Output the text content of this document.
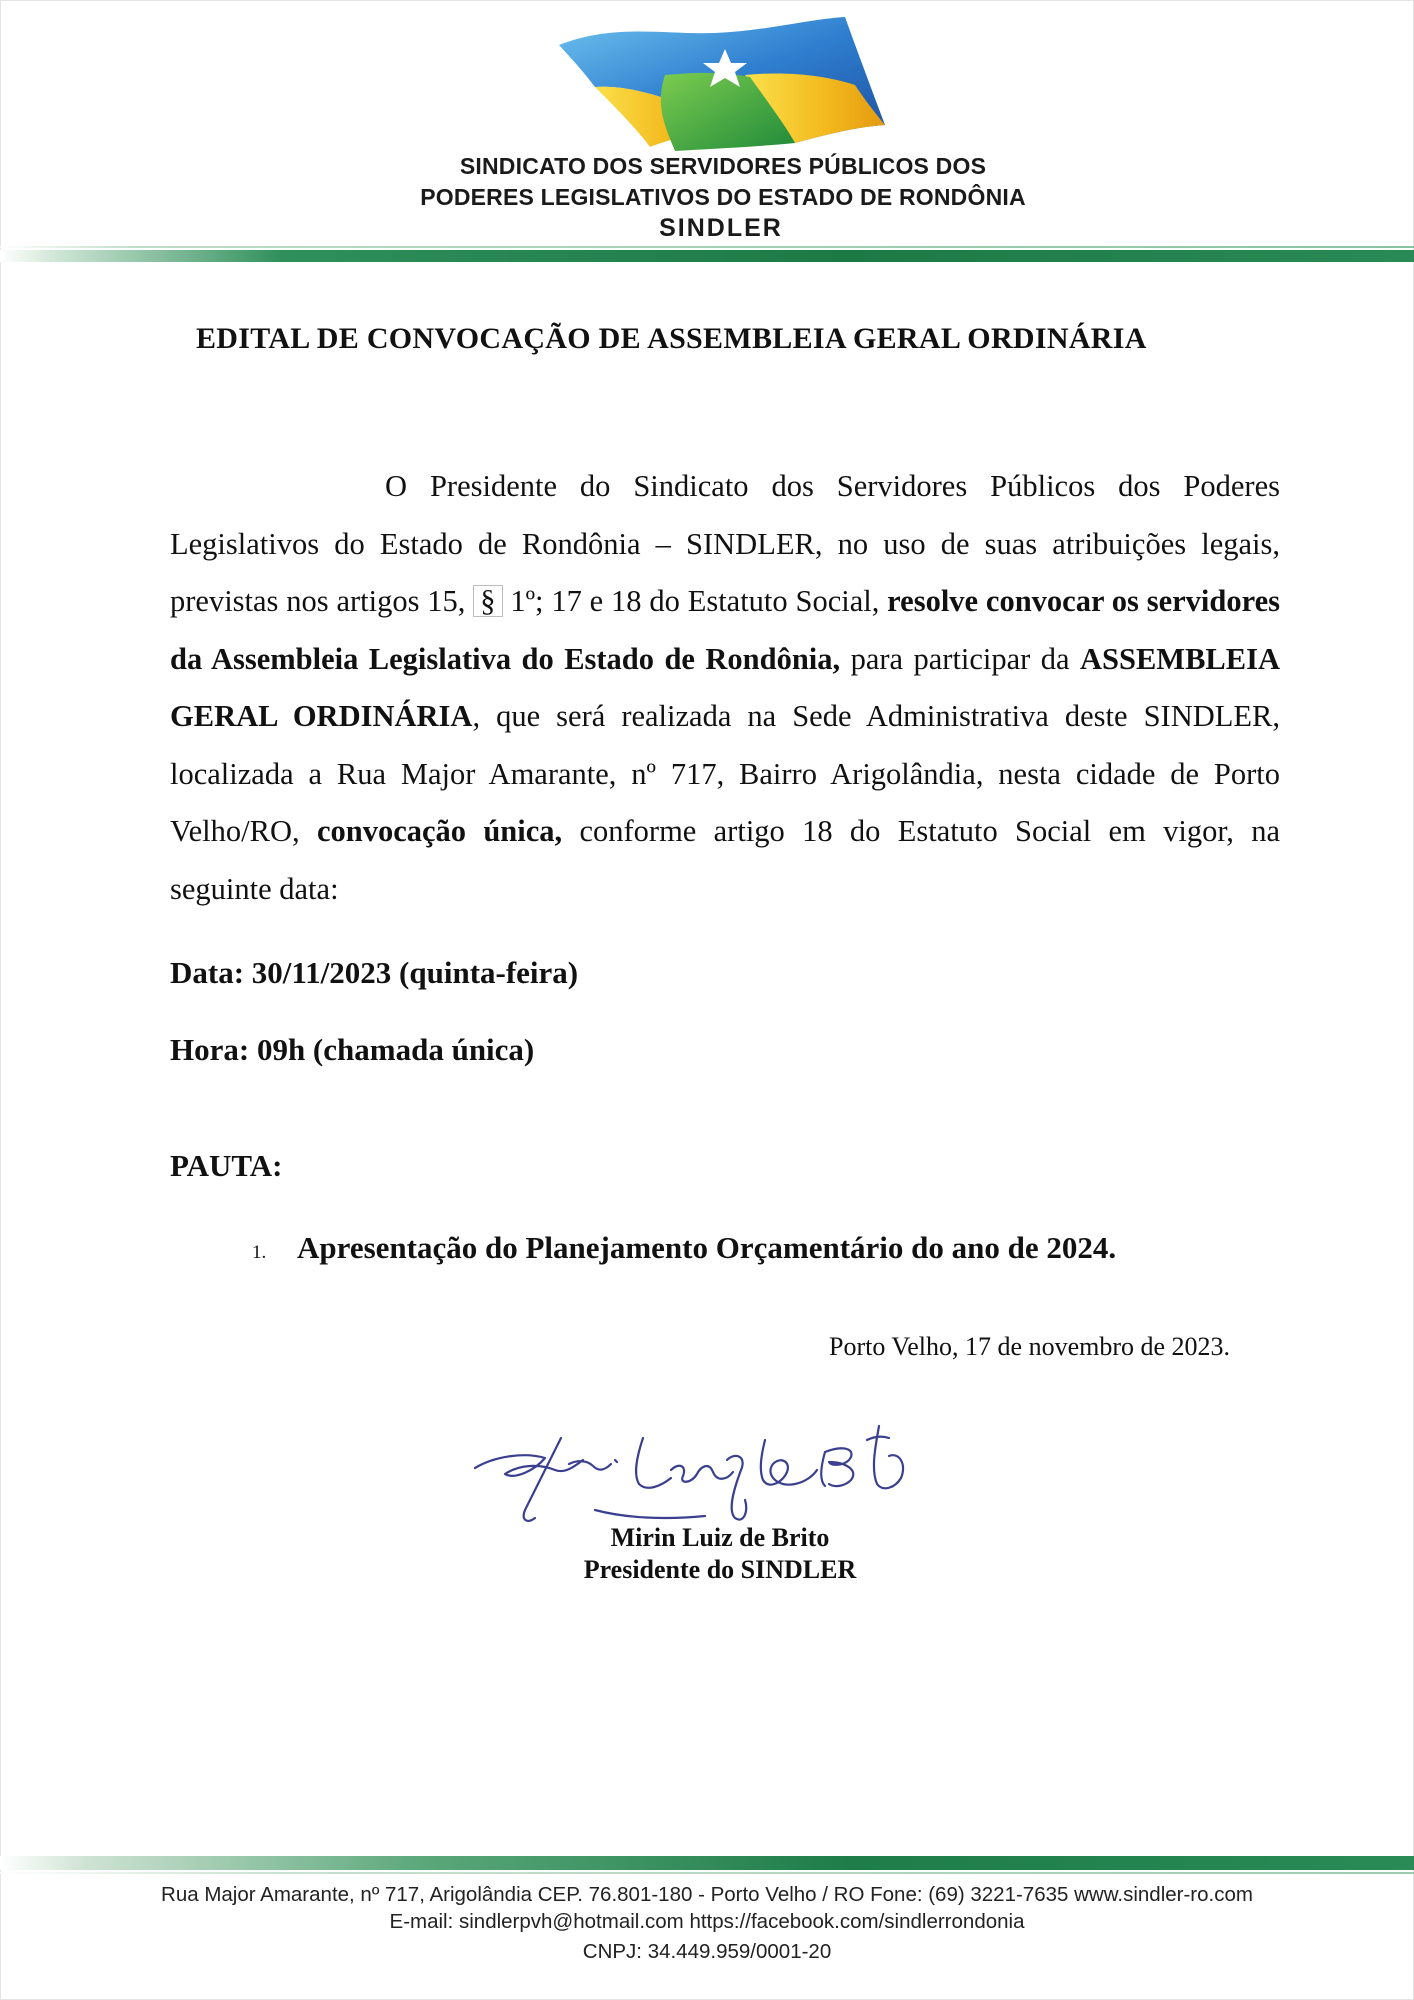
SINDICATO DOS SERVIDORES PÚBLICOS DOS
PODERES LEGISLATIVOS DO ESTADO DE RONDÔNIA
SINDLER
EDITAL DE CONVOCAÇÃO DE ASSEMBLEIA GERAL ORDINÁRIA
O Presidente do Sindicato dos Servidores Públicos dos Poderes Legislativos do Estado de Rondônia – SINDLER, no uso de suas atribuições legais, previstas nos artigos 15, § 1º; 17 e 18 do Estatuto Social, resolve convocar os servidores da Assembleia Legislativa do Estado de Rondônia, para participar da ASSEMBLEIA GERAL ORDINÁRIA, que será realizada na Sede Administrativa deste SINDLER, localizada a Rua Major Amarante, nº 717, Bairro Arigolândia, nesta cidade de Porto Velho/RO, convocação única, conforme artigo 18 do Estatuto Social em vigor, na seguinte data:
Data: 30/11/2023 (quinta-feira)
Hora: 09h (chamada única)
PAUTA:
1. Apresentação do Planejamento Orçamentário do ano de 2024.
Porto Velho, 17 de novembro de 2023.
Mirin Luiz de Brito
Presidente do SINDLER
Rua Major Amarante, nº 717, Arigolândia CEP. 76.801-180 - Porto Velho / RO Fone: (69) 3221-7635 www.sindler-ro.com
E-mail: sindlerpvh@hotmail.com https://facebook.com/sindlerrondonia
CNPJ: 34.449.959/0001-20
